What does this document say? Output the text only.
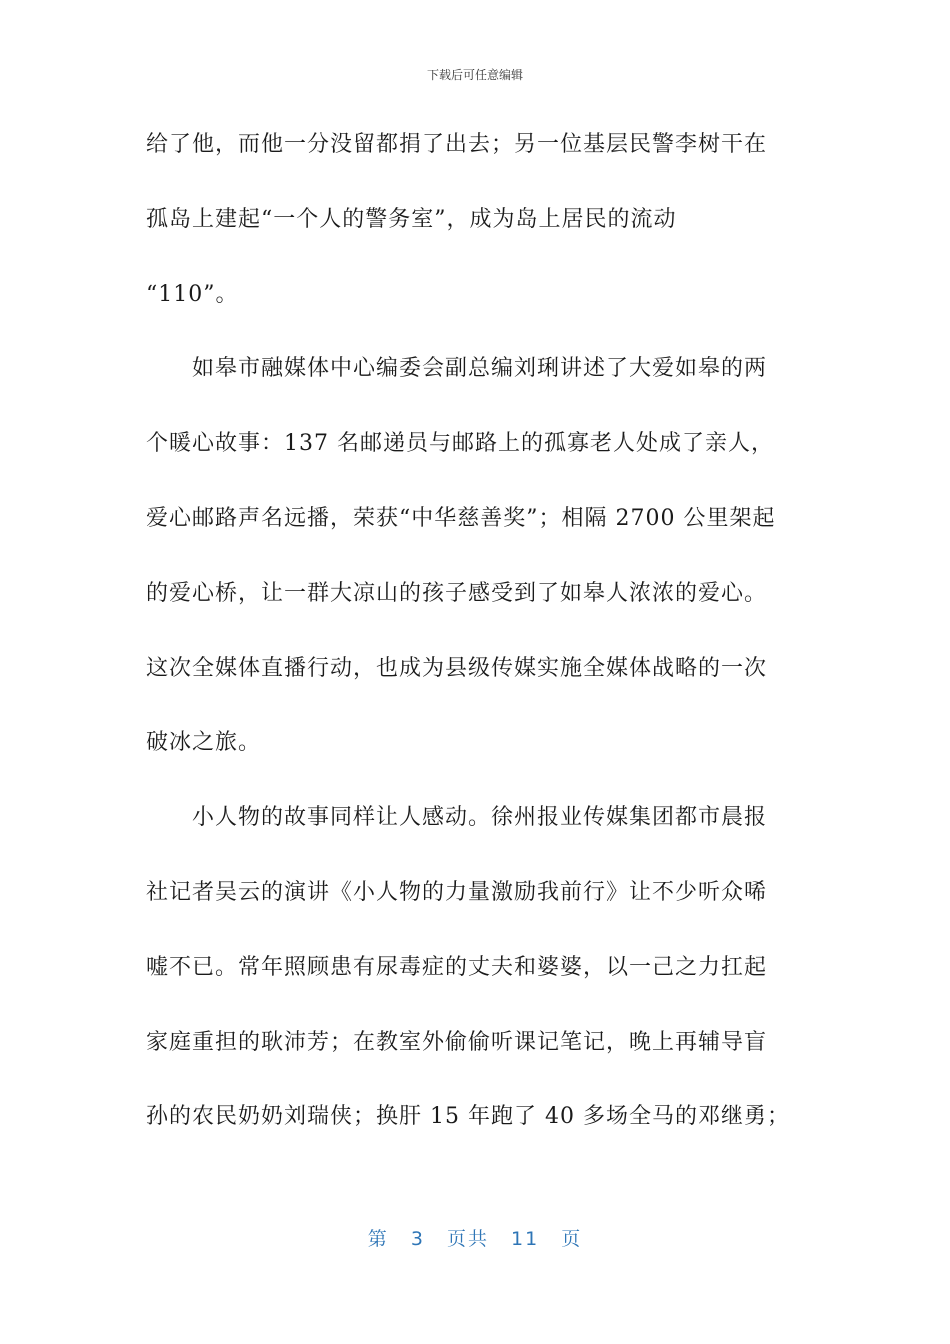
下载后可任意编辑
给了他，而他一分没留都捐了出去；另一位基层民警李树干在
孤岛上建起“一个人的警务室”，成为岛上居民的流动
“110”。
如皋市融媒体中心编委会副总编刘琍讲述了大爱如皋的两
个暖心故事：137 名邮递员与邮路上的孤寡老人处成了亲人，
爱心邮路声名远播，荣获“中华慈善奖”；相隔 2700 公里架起
的爱心桥，让一群大凉山的孩子感受到了如皋人浓浓的爱心。
这次全媒体直播行动，也成为县级传媒实施全媒体战略的一次
破冰之旅。
小人物的故事同样让人感动。徐州报业传媒集团都市晨报
社记者吴云的演讲《小人物的力量激励我前行》让不少听众唏
嘘不已。常年照顾患有尿毒症的丈夫和婆婆，以一己之力扛起
家庭重担的耿沛芳；在教室外偷偷听课记笔记，晚上再辅导盲
孙的农民奶奶刘瑞侠；换肝 15 年跑了 40 多场全马的邓继勇；
第 3 页共 11 页
